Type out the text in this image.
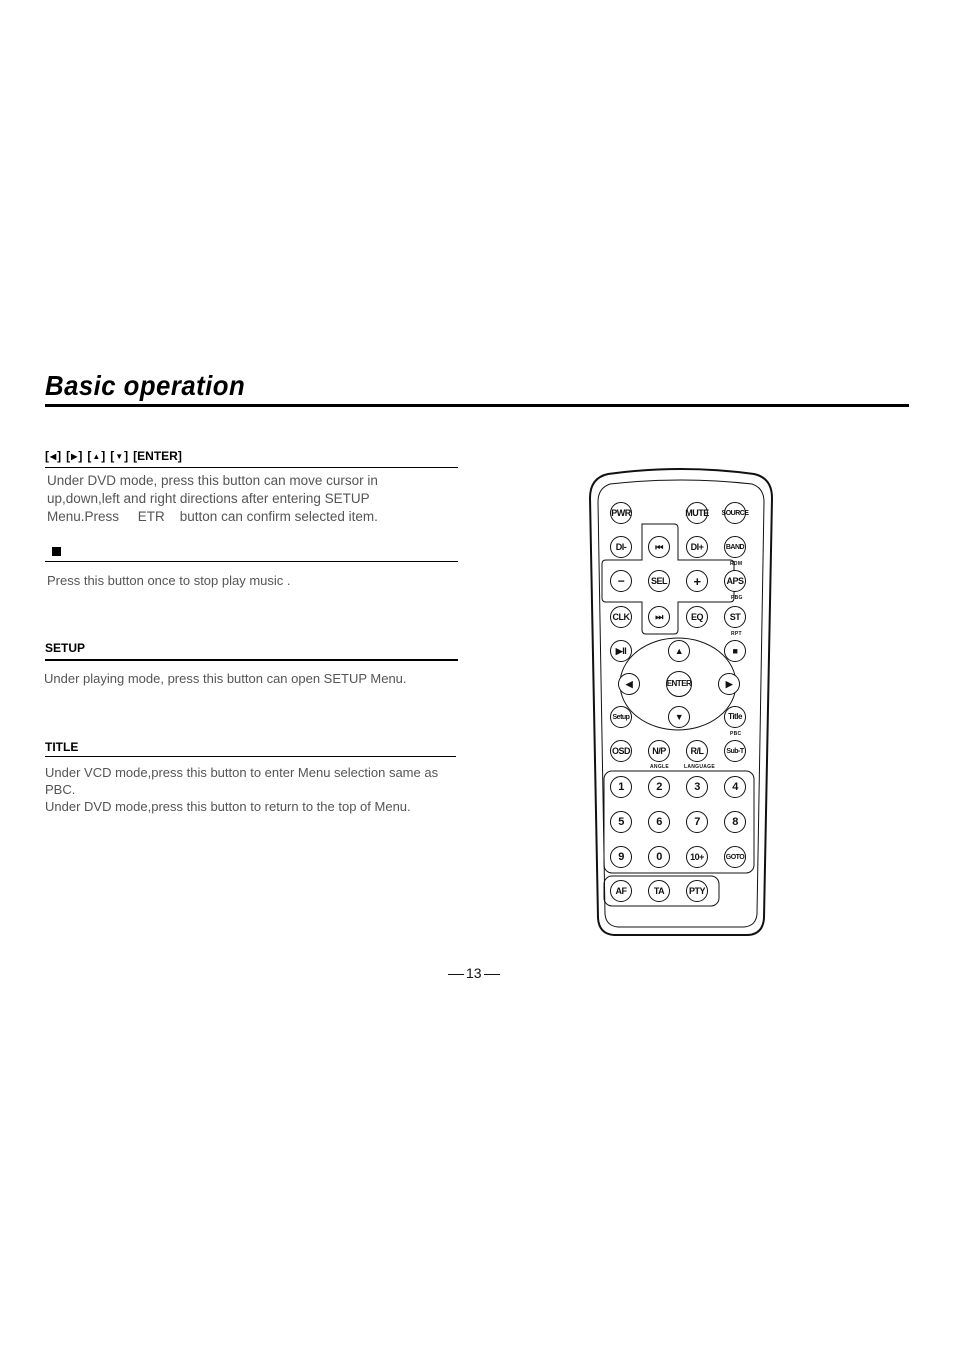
Basic operation
[◀] [▶] [▲] [▼] [ENTER]
Under DVD mode, press this button can move cursor in
up,down,left and right directions after entering SETUP
Menu.Press     ETR    button can confirm selected item.
Press this button once to stop play music .
SETUP
Under playing mode, press this button can open SETUP Menu.
TITLE
Under VCD mode,press this button to enter Menu selection same as
PBC.
Under DVD mode,press this button to return to the top of Menu.
PWR	MUTE SOURCE
DI-	⏮	DI+	BAND
RDM
−	SEL	+	APS
PBG
CLK	⏭	EQ	ST
RPT
▶II	▲	■
◀	ENTER	▶
Setup	▼	Title
PBC
OSD	N/P	R/L	Sub-T
ANGLE	LANGUAGE
1	2	3	4
5	6	7	8
9	0	10+	GOTO
AF	TA	PTY
13
